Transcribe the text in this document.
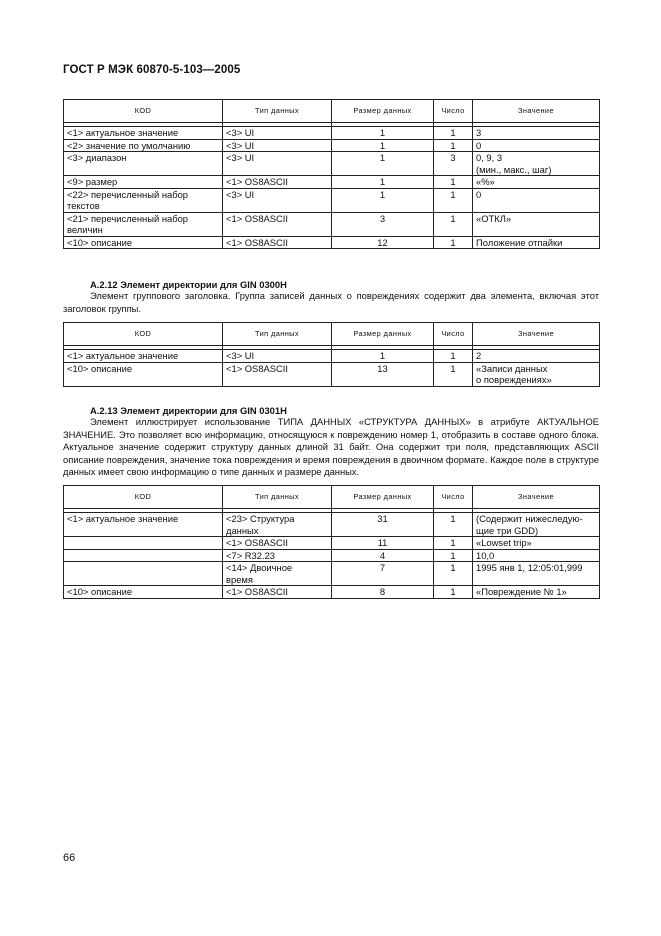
ГОСТ Р МЭК 60870-5-103—2005
КОD	Тип данных	Размер данных	Число	Значение

<1> актуальное значение	<3> UI	1	1	3
<2> значение по умолчанию	<3> UI	1	1	0
<3> диапазон	<3> UI	1	3	0, 9, 3
(мин., макс., шаг)
<9> размер	<1> OS8ASCII	1	1	«%»
<22> перечисленный набор
текстов	<3> UI	1	1	0
<21> перечисленный набор
величин	<1> OS8ASCII	3	1	«ОТКЛ»
<10> описание	<1> OS8ASCII	12	1	Положение отпайки
А.2.12 Элемент директории для GIN 0300H
Элемент группового заголовка. Группа записей данных о повреждениях содержит два элемента, включая этот заголовок группы.
КОD	Тип данных	Размер данных	Число	Значение

<1> актуальное значение	<3> UI	1	1	2
<10> описание	<1> OS8ASCII	13	1	«Записи данных
о повреждениях»
А.2.13 Элемент директории для GIN 0301H
Элемент иллюстрирует использование ТИПА ДАННЫХ «СТРУКТУРА ДАННЫХ» в атрибуте АКТУАЛЬНОЕ ЗНАЧЕНИЕ. Это позволяет всю информацию, относящуюся к повреждению номер 1, отобразить в составе одного блока. Актуальное значение содержит структуру данных длиной 31 байт. Она содержит три поля, представляющих ASCII описание повреждения, значение тока повреждения и время повреждения в двоичном формате. Каждое поле в структуре данных имеет свою информацию о типе данных и размере данных.
КОD	Тип данных	Размер данных	Число	Значение

<1> актуальное значение	<23> Структура
данных	31	1	(Содержит нижеследую-
щие три GDD)
	<1> OS8ASCII	11	1	«Lowset trip»
	<7> R32.23	4	1	10,0
	<14> Двоичное
время	7	1	1995 янв 1, 12:05:01,999
<10> описание	<1> OS8ASCII	8	1	«Повреждение № 1»
66
